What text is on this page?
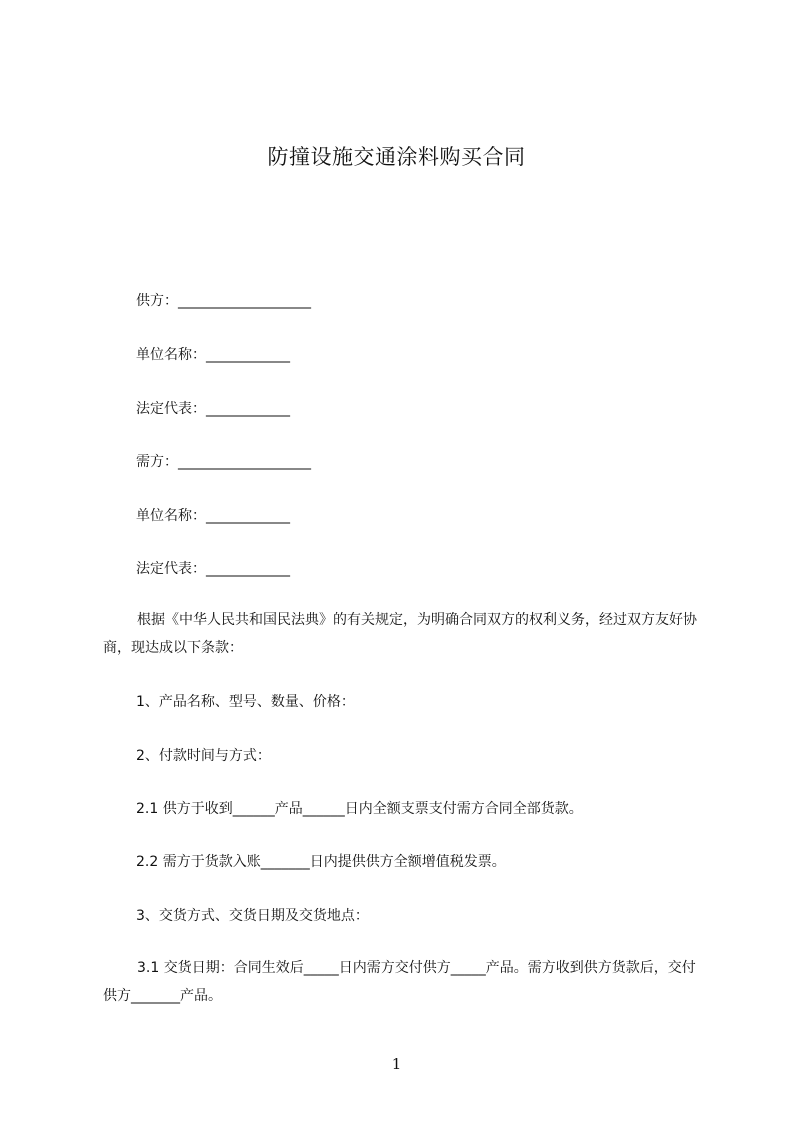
防撞设施交通涂料购买合同
供方：___________________
单位名称：____________
法定代表：____________
需方：___________________
单位名称：____________
法定代表：____________
根据《中华人民共和国民法典》的有关规定，为明确合同双方的权利义务，经过双方友好协商，现达成以下条款：
1、产品名称、型号、数量、价格：
2、付款时间与方式：
2.1 供方于收到______产品______日内全额支票支付需方合同全部货款。
2.2 需方于货款入账_______日内提供供方全额增值税发票。
3、交货方式、交货日期及交货地点：
3.1 交货日期：合同生效后_____日内需方交付供方_____产品。需方收到供方货款后，交付供方_______产品。
1
